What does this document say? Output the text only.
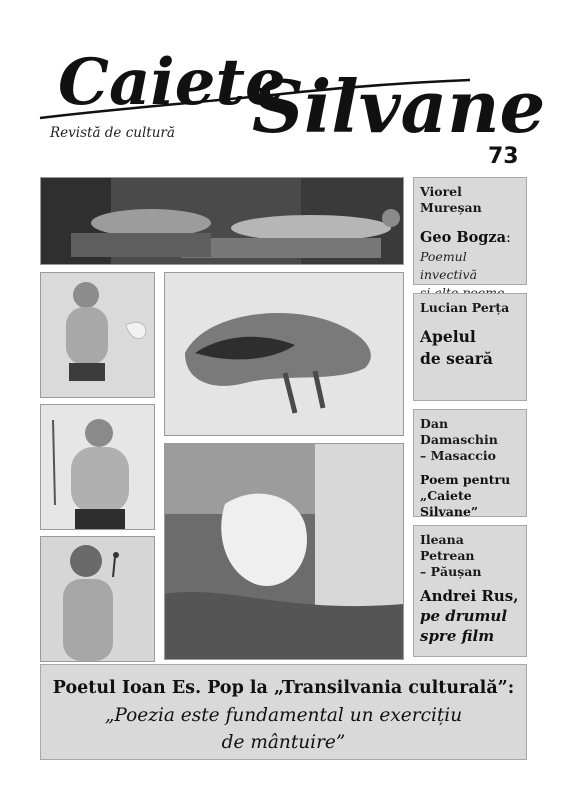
Caiete
Silvane
Revistă de cultură
73
Viorel Mureșan
Geo Bogza:
Poemul invectivă
Lucian Perța
Apelul
de seară
Dan Damaschin
– Masaccio
Poem pentru
„Caiete Silvane”
Ileana Petrean
– Păușan
Andrei Rus,
pe drumul
spre film
Poetul Ioan Es. Pop la „Transilvania culturală”:
„Poezia este fundamental un exercițiu
de mântuire”
